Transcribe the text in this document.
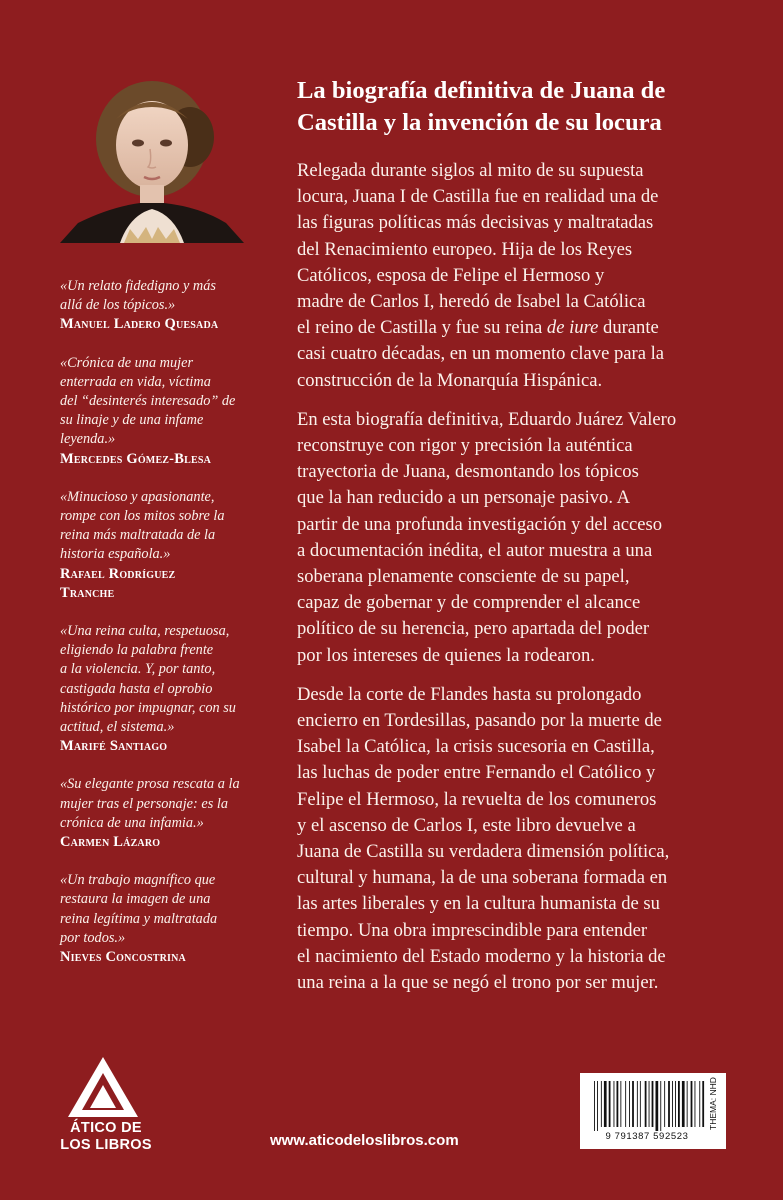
«Un relato fidedigno y más
allá de los tópicos.»
Manuel Ladero Quesada
«Crónica de una mujer
enterrada en vida, víctima
del “desinterés interesado” de
su linaje y de una infame
leyenda.»
Mercedes Gómez-Blesa
«Minucioso y apasionante,
rompe con los mitos sobre la
reina más maltratada de la
historia española.»
Rafael Rodríguez
Tranche
«Una reina culta, respetuosa,
eligiendo la palabra frente
a la violencia. Y, por tanto,
castigada hasta el oprobio
histórico por impugnar, con su
actitud, el sistema.»
Marifé Santiago
«Su elegante prosa rescata a la
mujer tras el personaje: es la
crónica de una infamia.»
Carmen Lázaro
«Un trabajo magnífico que
restaura la imagen de una
reina legítima y maltratada
por todos.»
Nieves Concostrina
La biografía definitiva de Juana de
Castilla y la invención de su locura

Relegada durante siglos al mito de su supuesta
locura, Juana I de Castilla fue en realidad una de
las figuras políticas más decisivas y maltratadas
del Renacimiento europeo. Hija de los Reyes
Católicos, esposa de Felipe el Hermoso y
madre de Carlos I, heredó de Isabel la Católica
el reino de Castilla y fue su reina de iure durante
casi cuatro décadas, en un momento clave para la
construcción de la Monarquía Hispánica.

En esta biografía definitiva, Eduardo Juárez Valero
reconstruye con rigor y precisión la auténtica
trayectoria de Juana, desmontando los tópicos
que la han reducido a un personaje pasivo. A
partir de una profunda investigación y del acceso
a documentación inédita, el autor muestra a una
soberana plenamente consciente de su papel,
capaz de gobernar y de comprender el alcance
político de su herencia, pero apartada del poder
por los intereses de quienes la rodearon.

Desde la corte de Flandes hasta su prolongado
encierro en Tordesillas, pasando por la muerte de
Isabel la Católica, la crisis sucesoria en Castilla,
las luchas de poder entre Fernando el Católico y
Felipe el Hermoso, la revuelta de los comuneros
y el ascenso de Carlos I, este libro devuelve a
Juana de Castilla su verdadera dimensión política,
cultural y humana, la de una soberana formada en
las artes liberales y en la cultura humanista de su
tiempo. Una obra imprescindible para entender
el nacimiento del Estado moderno y la historia de
una reina a la que se negó el trono por ser mujer.

ÁTICO DE
LOS LIBROS	www.aticodeloslibros.com	9 791387 592523
THEMA: NHD
